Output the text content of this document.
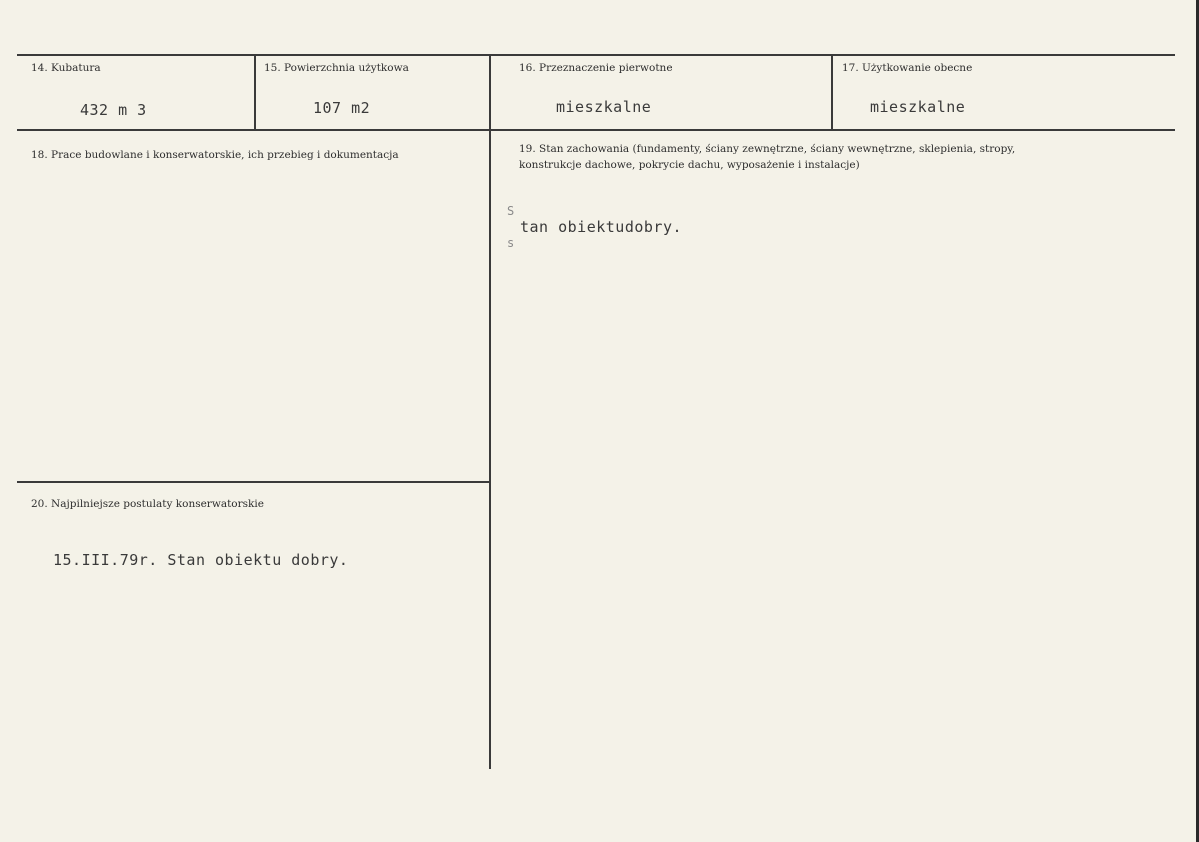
14. Kubatura
432 m 3
15. Powierzchnia użytkowa
107 m2
16. Przeznaczenie pierwotne
mieszkalne
17. Użytkowanie obecne
mieszkalne
18. Prace budowlane i konserwatorskie, ich przebieg i dokumentacja	19. Stan zachowania (fundamenty, ściany zewnętrzne, ściany wewnętrzne, sklepienia, stropy,
konstrukcje dachowe, pokrycie dachu, wyposażenie i instalacje)
S
tan obiektudobry.
s
20. Najpilniejsze postulaty konserwatorskie
15.III.79r. Stan obiektu dobry.
